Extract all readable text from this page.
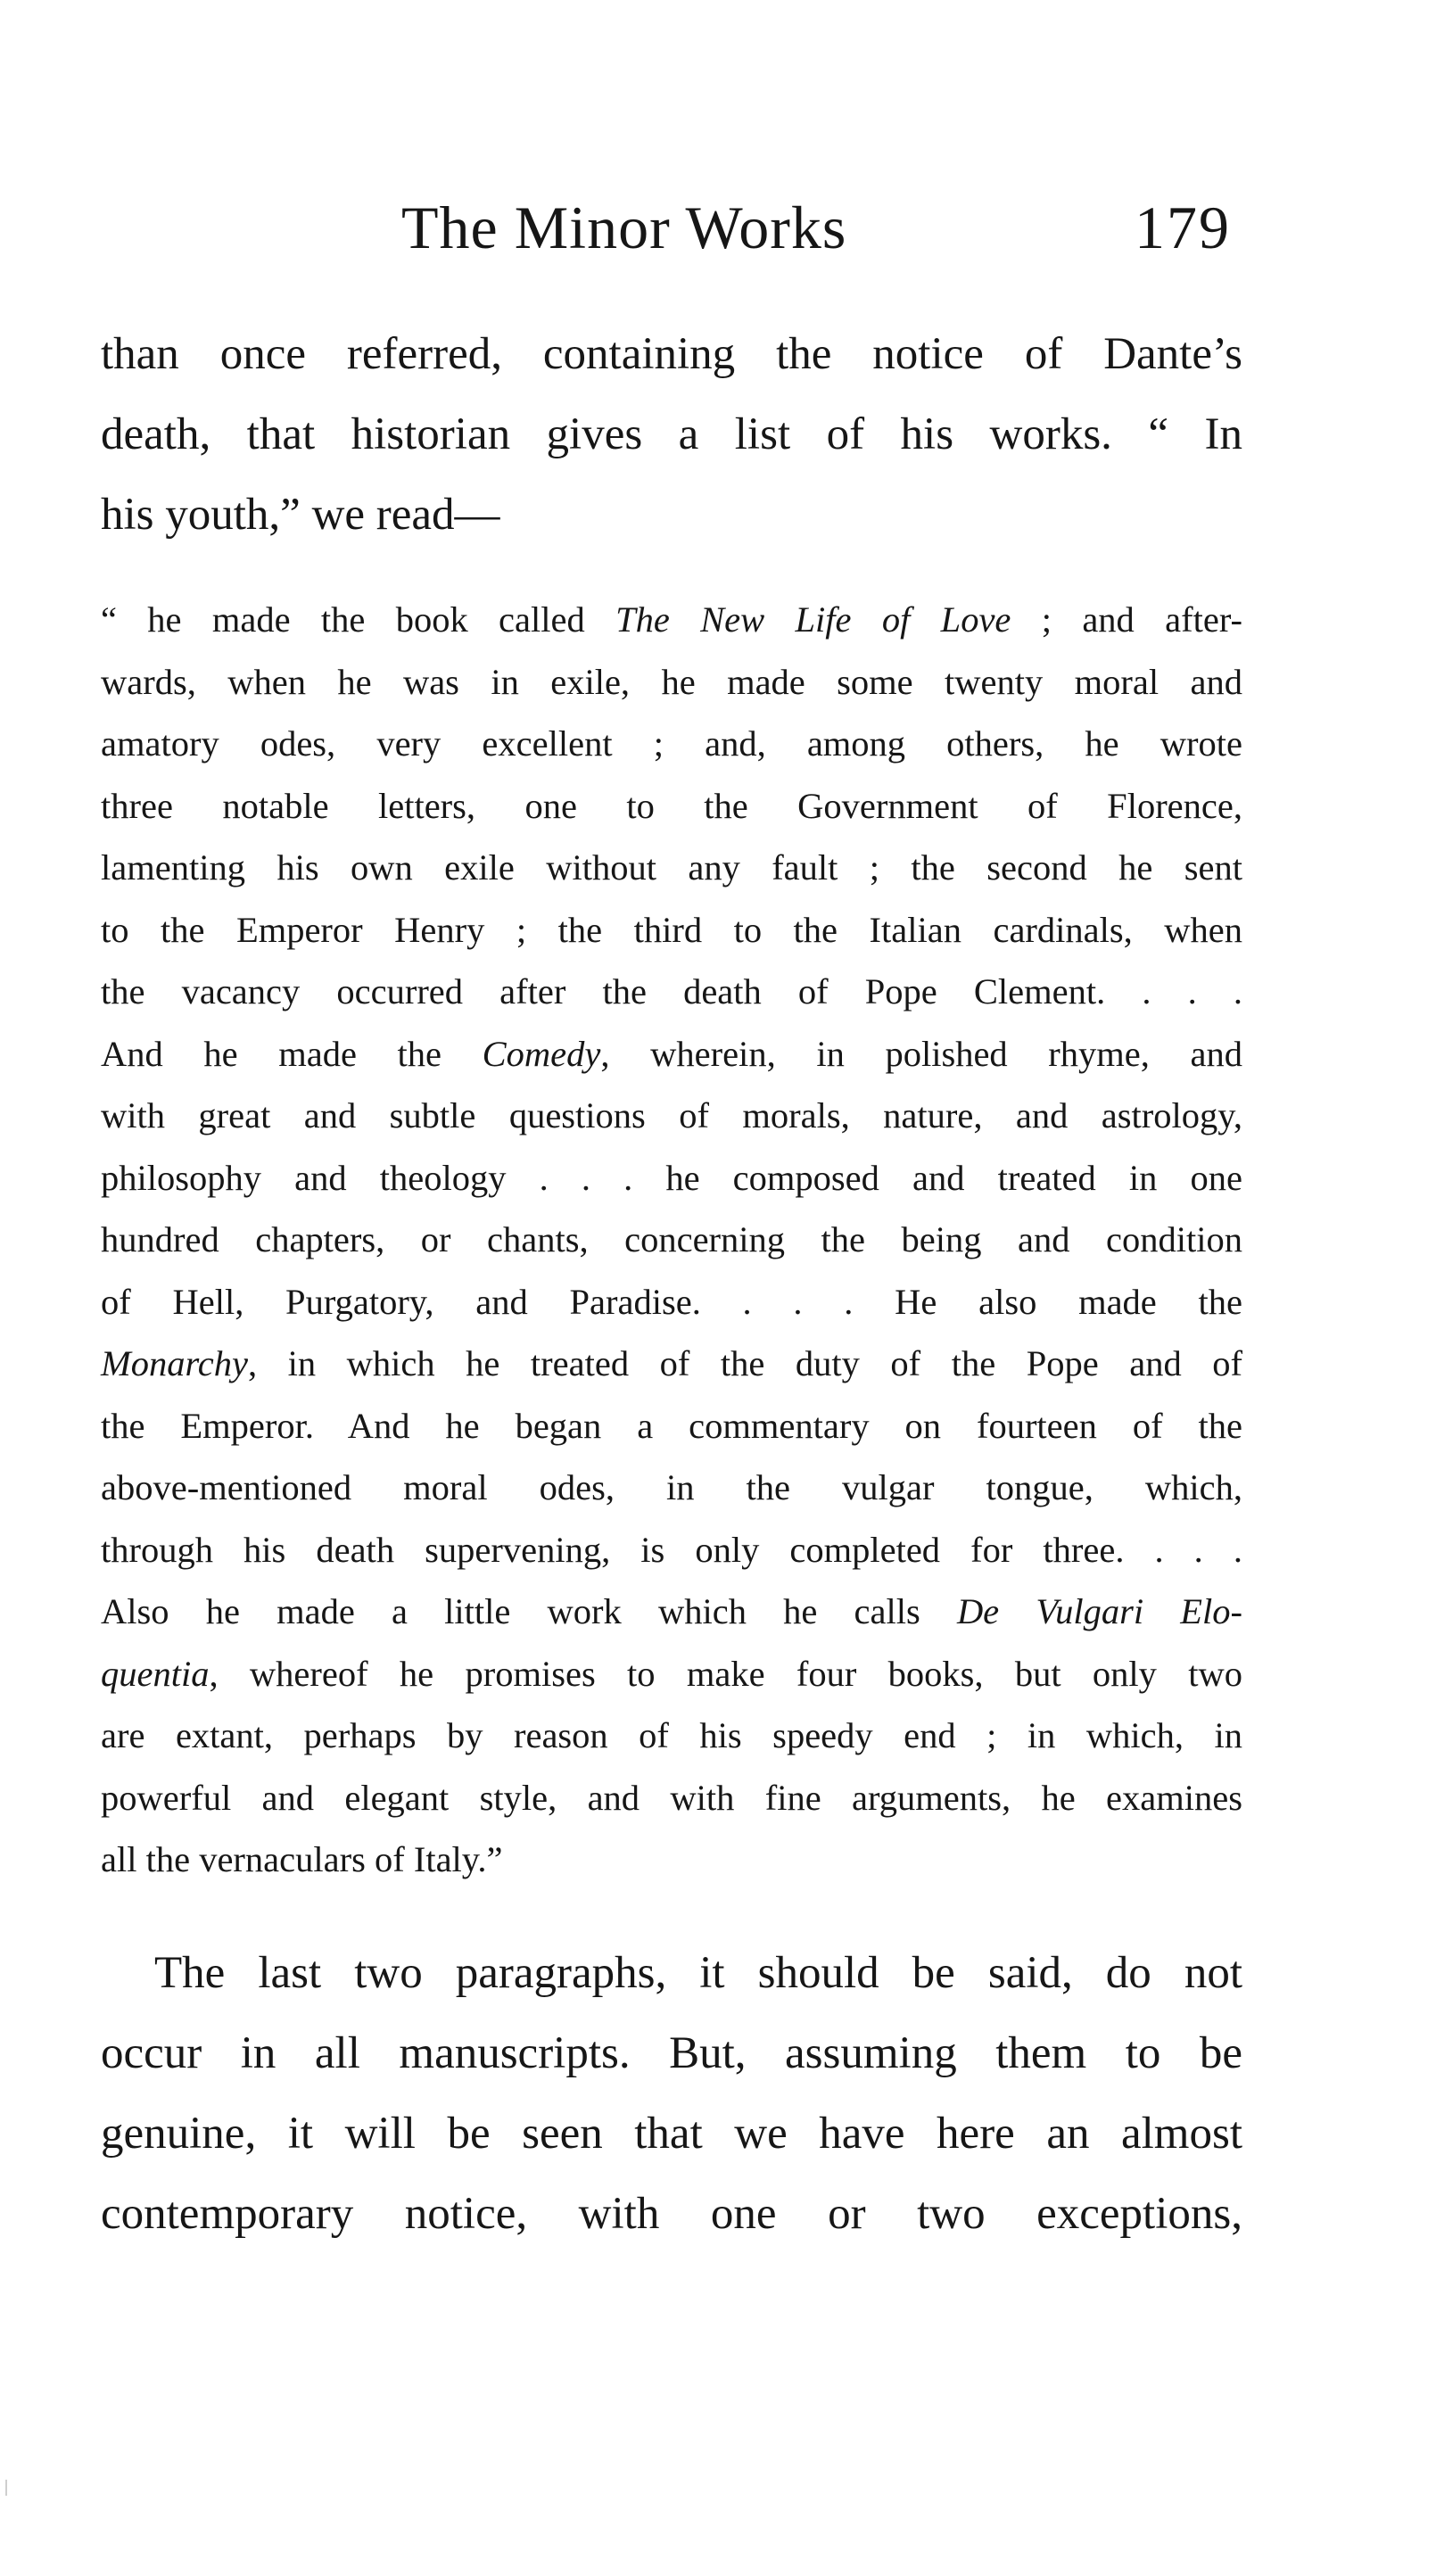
The Minor Works	179
than once referred, containing the notice of Dante’s
death, that historian gives a list of his works. “ In
his youth,” we read—
“ he made the book called The New Life of Love ; and after-
wards, when he was in exile, he made some twenty moral and
amatory odes, very excellent ; and, among others, he wrote
three notable letters, one to the Government of Florence,
lamenting his own exile without any fault ; the second he sent
to the Emperor Henry ; the third to the Italian cardinals, when
the vacancy occurred after the death of Pope Clement. . . .
And he made the Comedy, wherein, in polished rhyme, and
with great and subtle questions of morals, nature, and astrology,
philosophy and theology . . . he composed and treated in one
hundred chapters, or chants, concerning the being and condition
of Hell, Purgatory, and Paradise. . . . He also made the
Monarchy, in which he treated of the duty of the Pope and of
the Emperor. And he began a commentary on fourteen of the
above-mentioned moral odes, in the vulgar tongue, which,
through his death supervening, is only completed for three. . . .
Also he made a little work which he calls De Vulgari Elo-
quentia, whereof he promises to make four books, but only two
are extant, perhaps by reason of his speedy end ; in which, in
powerful and elegant style, and with fine arguments, he examines
all the vernaculars of Italy.”
The last two paragraphs, it should be said, do not
occur in all manuscripts. But, assuming them to be
genuine, it will be seen that we have here an almost
contemporary notice, with one or two exceptions,
